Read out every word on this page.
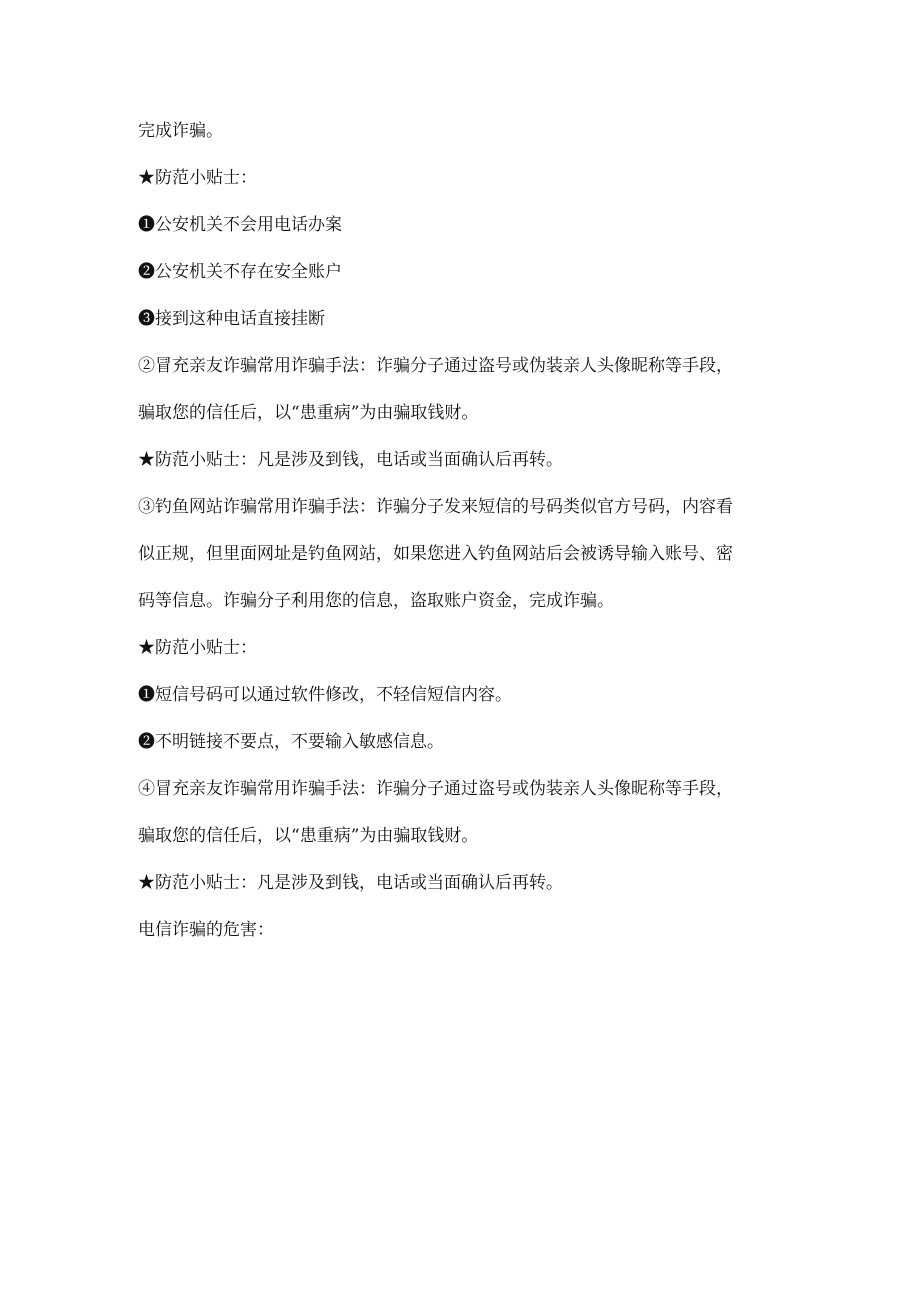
完成诈骗。
★防范小贴士：
❶公安机关不会用电话办案
❷公安机关不存在安全账户
❸接到这种电话直接挂断
②冒充亲友诈骗常用诈骗手法：诈骗分子通过盗号或伪装亲人头像昵称等手段，
骗取您的信任后，以“患重病”为由骗取钱财。
★防范小贴士：凡是涉及到钱，电话或当面确认后再转。
③钓鱼网站诈骗常用诈骗手法：诈骗分子发来短信的号码类似官方号码，内容看
似正规，但里面网址是钓鱼网站，如果您进入钓鱼网站后会被诱导输入账号、密
码等信息。诈骗分子利用您的信息，盗取账户资金，完成诈骗。
★防范小贴士：
❶短信号码可以通过软件修改，不轻信短信内容。
❷不明链接不要点，不要输入敏感信息。
④冒充亲友诈骗常用诈骗手法：诈骗分子通过盗号或伪装亲人头像昵称等手段，
骗取您的信任后，以“患重病”为由骗取钱财。
★防范小贴士：凡是涉及到钱，电话或当面确认后再转。
电信诈骗的危害：
